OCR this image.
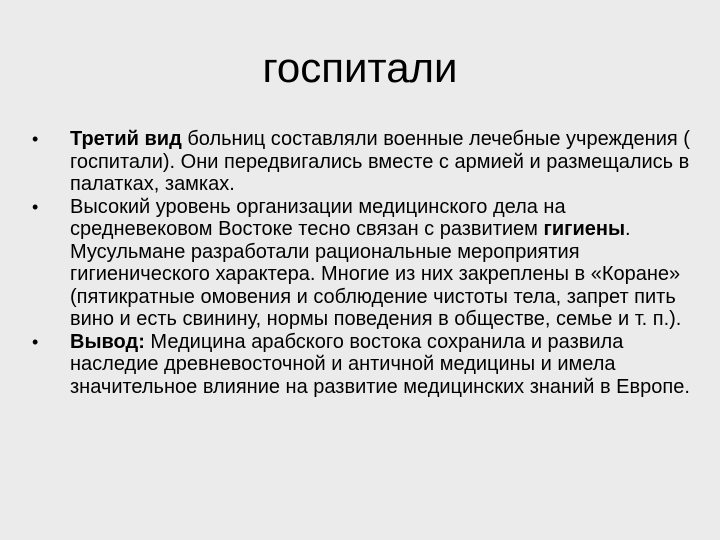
госпитали
• Третий вид больниц составляли военные лечебные учреждения ( госпитали). Они передвигались вместе с армией и размещались в палатках, замках.
• Высокий уровень организации медицинского дела на средневековом Востоке тесно связан с развитием гигиены. Мусульмане разработали рациональные мероприятия гигиенического характера. Многие из них закреплены в «Коране» (пятикратные омовения и соблюдение чистоты тела, запрет пить вино и есть свинину, нормы поведения в обществе, семье и т. п.).
• Вывод: Медицина арабского востока сохранила и развила наследие древневосточной и античной медицины и имела значительное влияние на развитие медицинских знаний в Европе.
